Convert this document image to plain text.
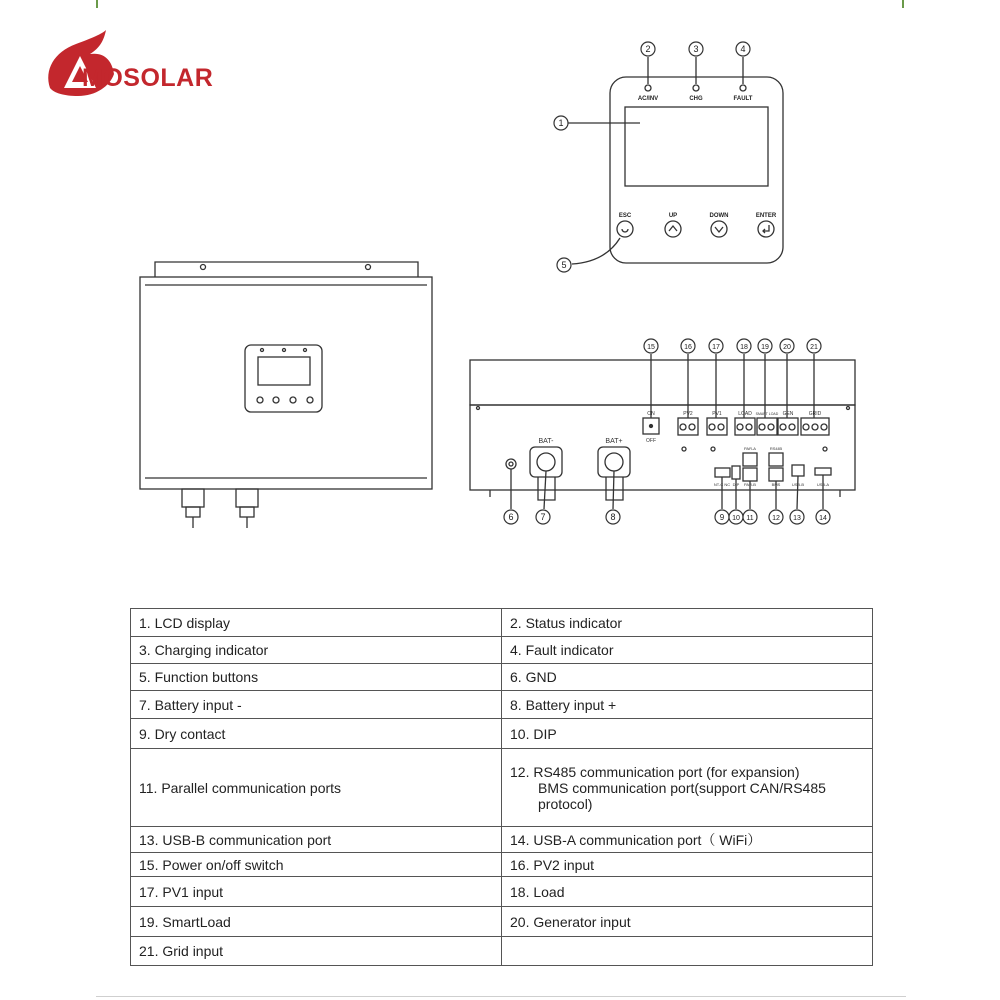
MOSOLAR
1
2	3	4
5
6	7	8	9 10 11	12 13	14
15	16	17	18 19 20	21
AC/INV	CHG	FAULT
ESC	UP	DOWN	ENTER
ON
OFF
PV2	PV1	LOAD SMART LOAD GEN	GRID
NT-C NC DIP
PAR-A
PAR-B
RS485
BMS	USB-B	USB-A
BAT-	BAT+
1. LCD display	2. Status indicator
3. Charging indicator	4. Fault indicator
5. Function buttons	6. GND
7. Battery input -	8. Battery input +
9. Dry contact	10. DIP
11. Parallel communication ports	12. RS485 communication port (for expansion)
BMS communication port(support CAN/RS485 protocol)

13. USB-B communication port	14. USB-A communication port（ WiFi）
15. Power on/off switch	16. PV2 input
17. PV1 input	18. Load
19. SmartLoad	20. Generator input
21. Grid input	
